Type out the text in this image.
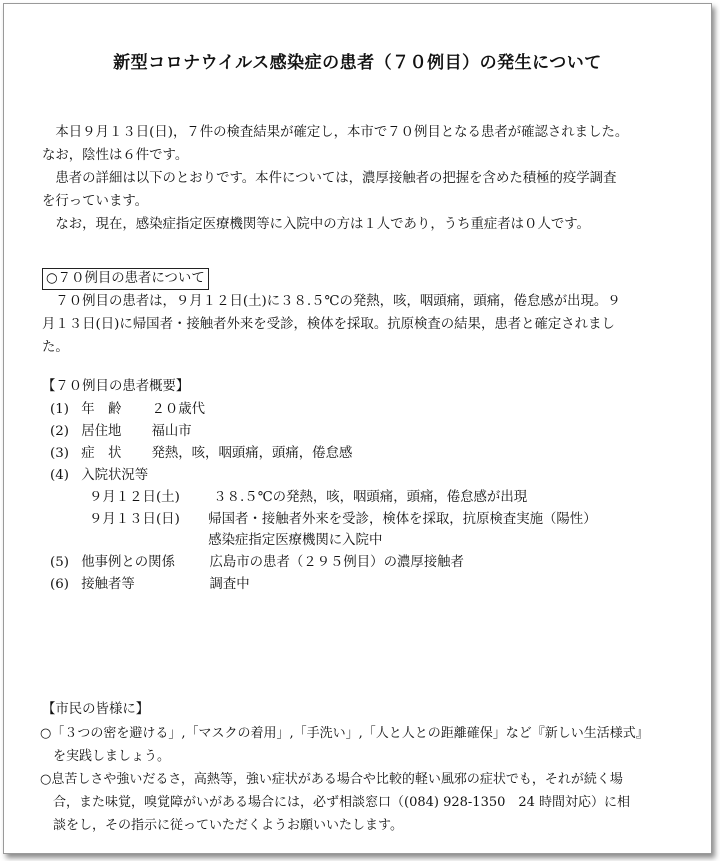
新型コロナウイルス感染症の患者（７０例目）の発生について
　本日９月１３日(日)，７件の検査結果が確定し，本市で７０例目となる患者が確認されました。
なお，陰性は６件です。
　患者の詳細は以下のとおりです。本件については，濃厚接触者の把握を含めた積極的疫学調査
を行っています。
　なお，現在，感染症指定医療機関等に入院中の方は１人であり，うち重症者は０人です。
○７０例目の患者について
　７０例目の患者は，９月１２日(土)に３８.５℃の発熱，咳，咽頭痛，頭痛，倦怠感が出現。９
月１３日(日)に帰国者・接触者外来を受診，検体を採取。抗原検査の結果，患者と確定されまし
た。
【７０例目の患者概要】
(1) 年　齢 ２０歳代
(2) 居住地 福山市
(3) 症　状 発熱，咳，咽頭痛，頭痛，倦怠感
(4) 入院状況等
９月１２日(土) ３８.５℃の発熱，咳，咽頭痛，頭痛，倦怠感が出現
９月１３日(日) 帰国者・接触者外来を受診，検体を採取，抗原検査実施（陽性）
感染症指定医療機関に入院中
(5) 他事例との関係	広島市の患者（２９５例目）の濃厚接触者
(6) 接触者等	調査中
【市民の皆様に】
○「３つの密を避ける」,「マスクの着用」,「手洗い」,「人と人との距離確保」など『新しい生活様式』
　を実践しましょう。
○息苦しさや強いだるさ，高熱等，強い症状がある場合や比較的軽い風邪の症状でも，それが続く場
　合，また味覚，嗅覚障がいがある場合には，必ず相談窓口（(084) 928-1350　24 時間対応）に相
　談をし，その指示に従っていただくようお願いいたします。
